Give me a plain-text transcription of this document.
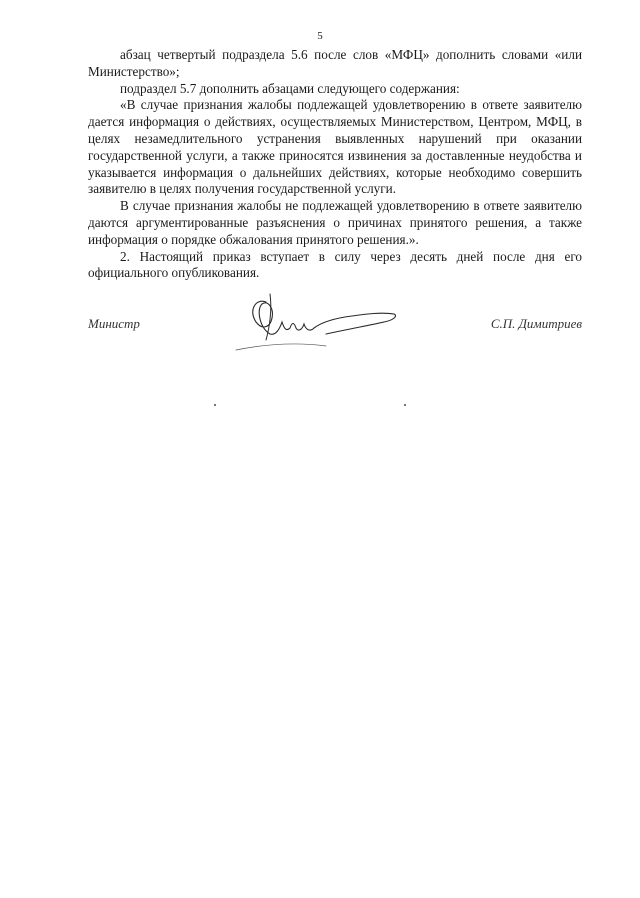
5

абзац четвертый подраздела 5.6 после слов «МФЦ» дополнить словами «или Министерство»;

подраздел 5.7 дополнить абзацами следующего содержания:

«В случае признания жалобы подлежащей удовлетворению в ответе заявителю дается информация о действиях, осуществляемых Министерством, Центром, МФЦ, в целях незамедлительного устранения выявленных нарушений при оказании государственной услуги, а также приносятся извинения за доставленные неудобства и указывается информация о дальнейших действиях, которые необходимо совершить заявителю в целях получения государственной услуги.

В случае признания жалобы не подлежащей удовлетворению в ответе заявителю даются аргументированные разъяснения о причинах принятого решения, а также информация о порядке обжалования принятого решения.».

2. Настоящий приказ вступает в силу через десять дней после дня его официального опубликования.

Министр	С.П. Димитриев
